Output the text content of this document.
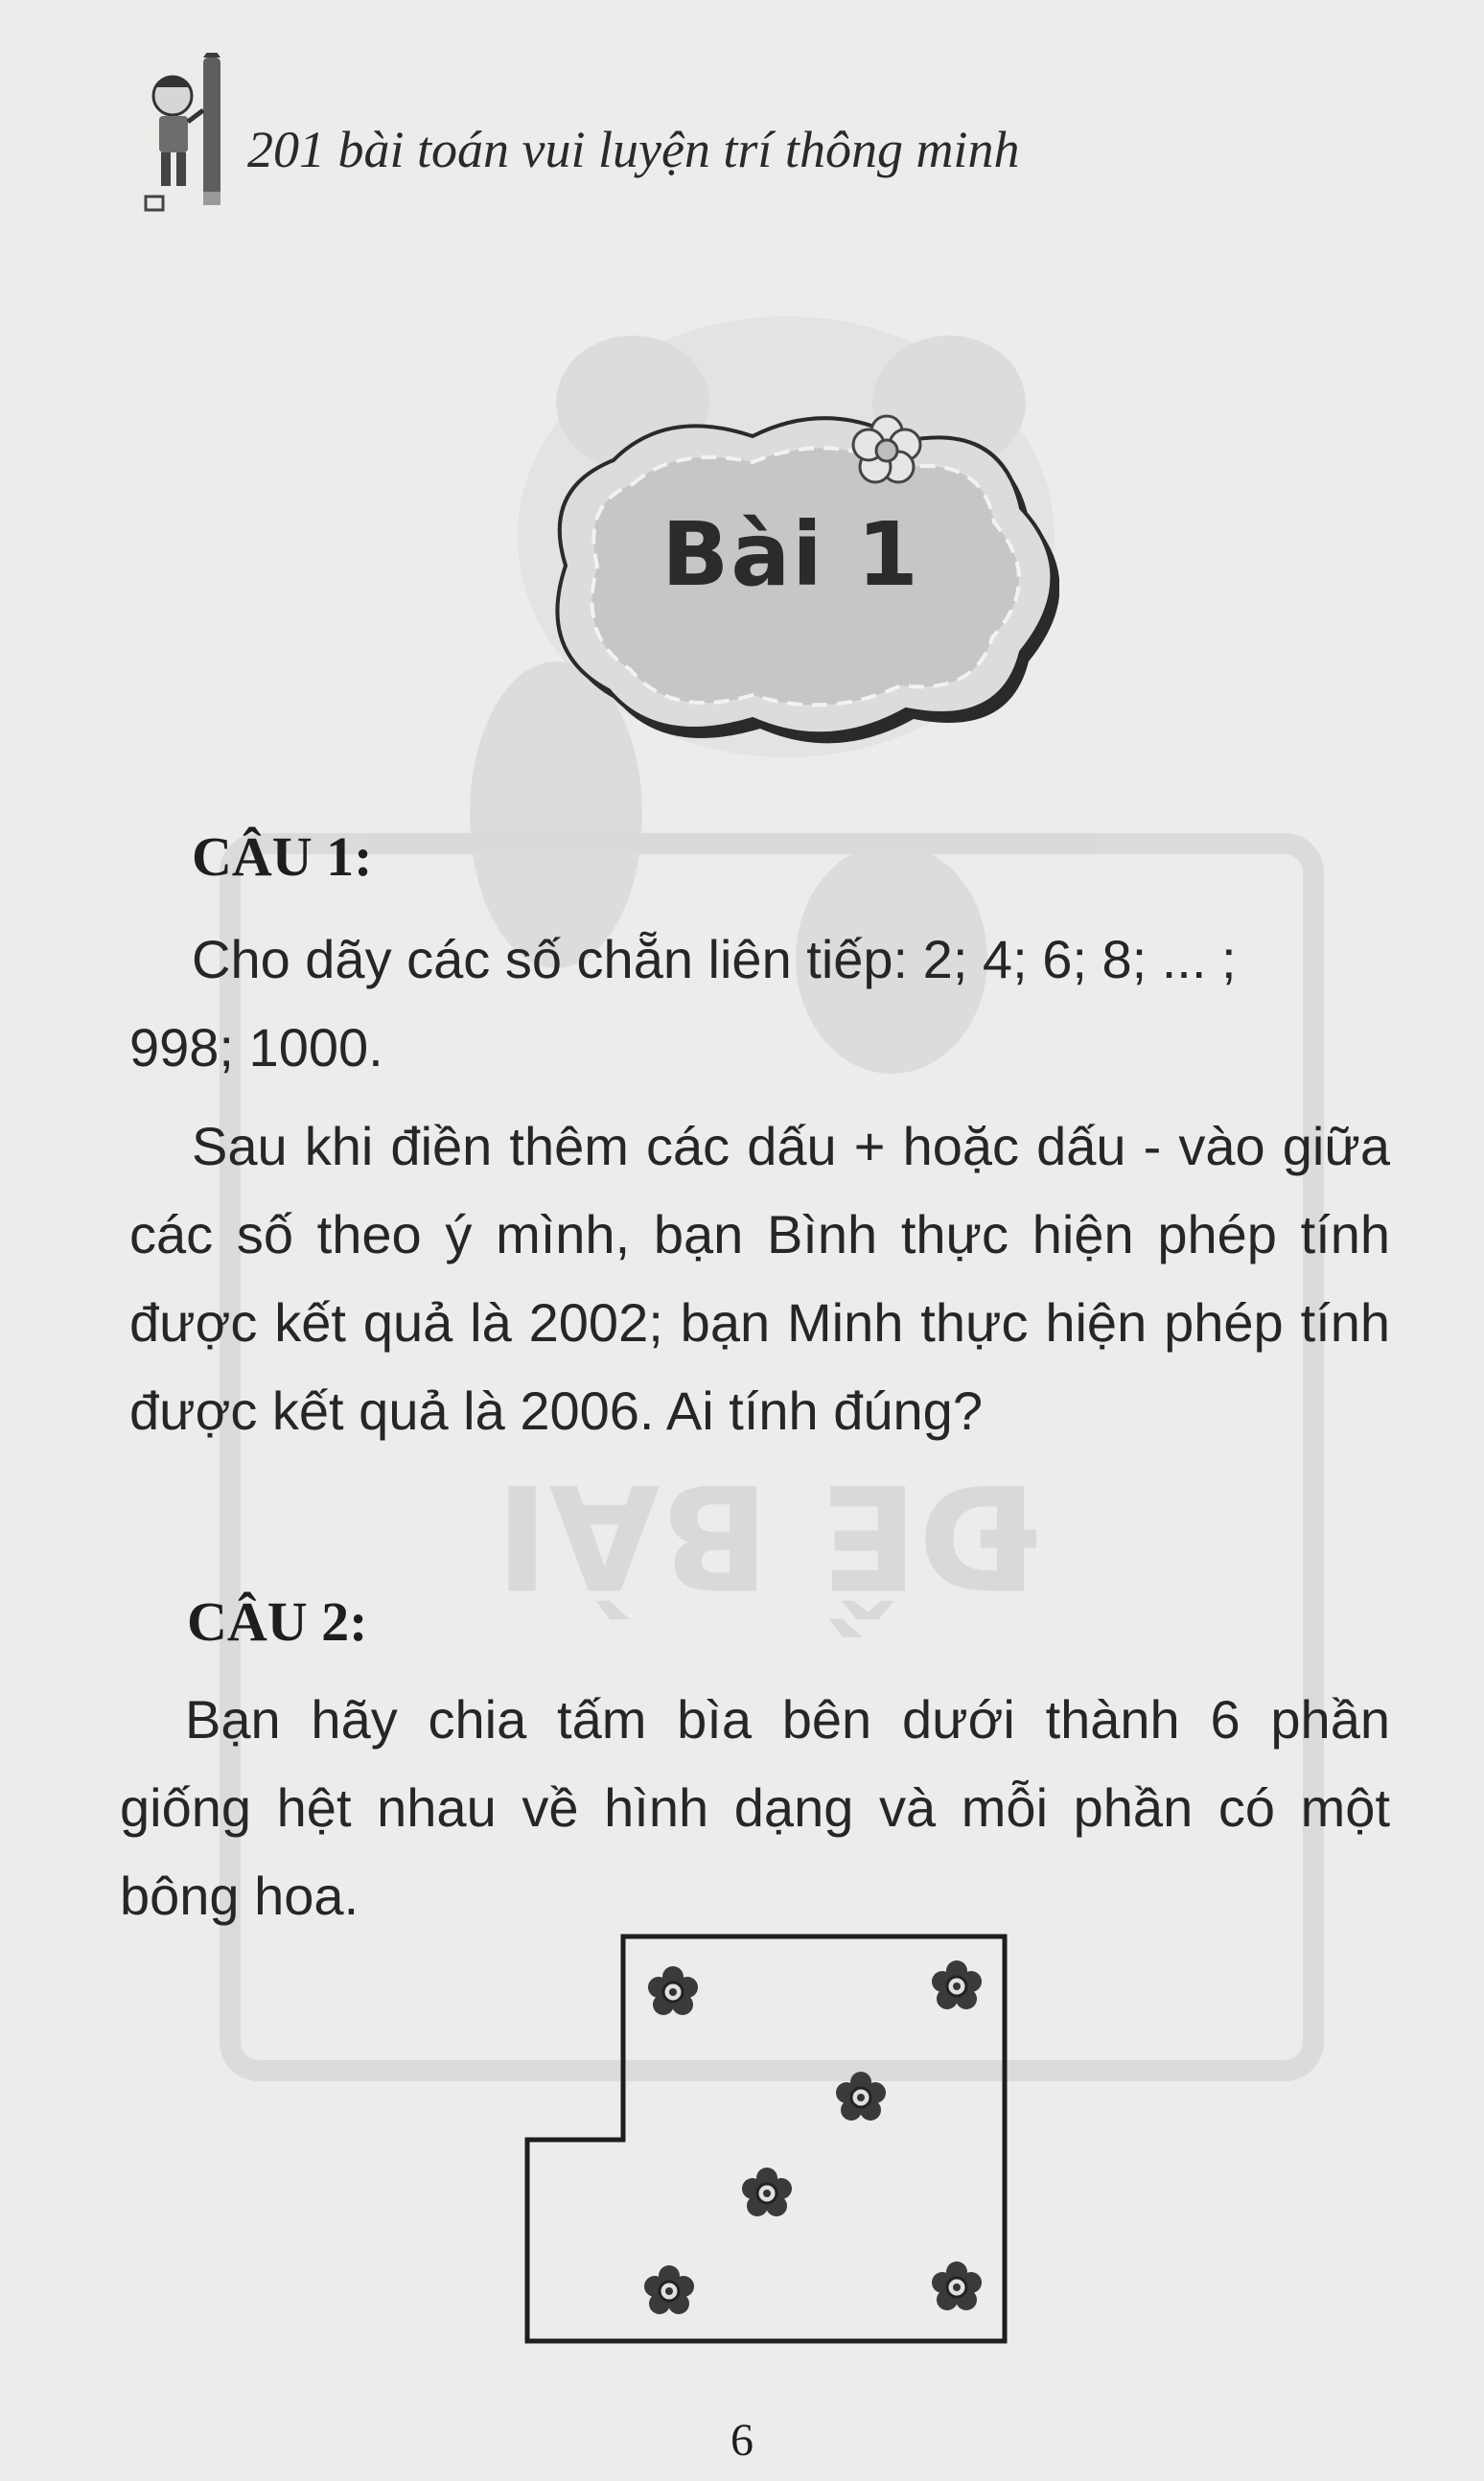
ĐỀ BÀI
201 bài toán vui luyện trí thông minh
Bài 1
CÂU 1:
Cho dãy các số chẵn liên tiếp: 2; 4; 6; 8; ... ;
998; 1000.
Sau khi điền thêm các dấu + hoặc dấu - vào giữa các số theo ý mình, bạn Bình thực hiện phép tính được kết quả là 2002; bạn Minh thực hiện phép tính được kết quả là 2006. Ai tính đúng?
CÂU 2:
Bạn hãy chia tấm bìa bên dưới thành 6 phần giống hệt nhau về hình dạng và mỗi phần có một bông hoa.
6
